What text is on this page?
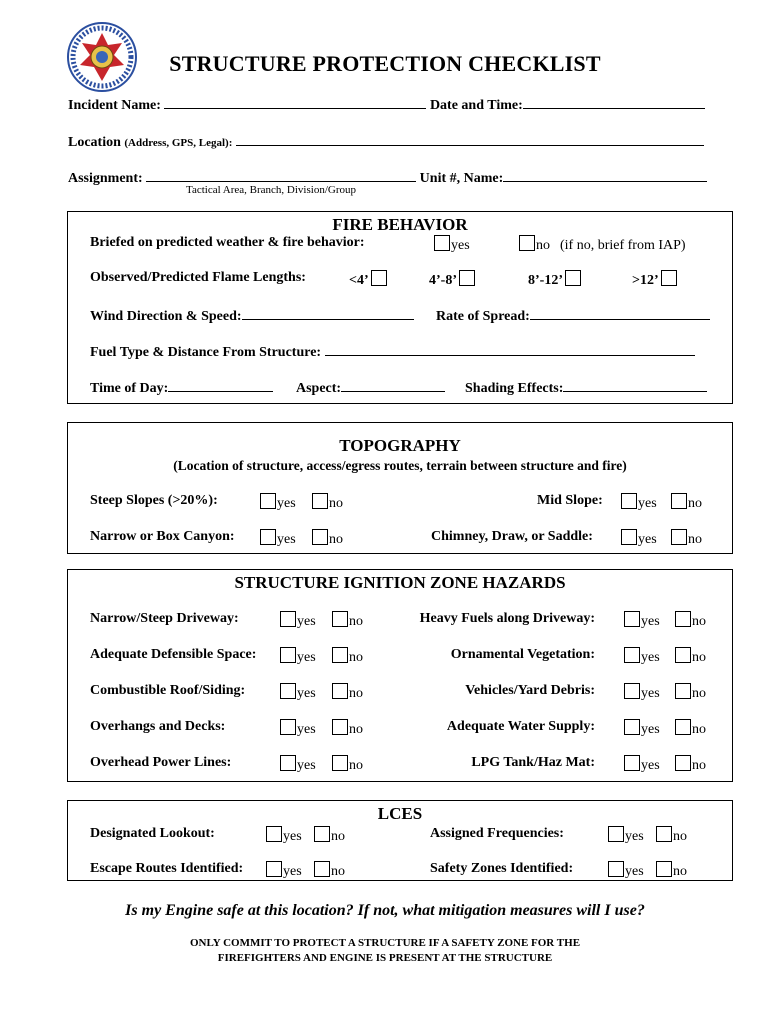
STRUCTURE PROTECTION CHECKLIST
Incident Name:	Date and Time:
Location (Address, GPS, Legal):
Assignment:	Unit #, Name:
Tactical Area, Branch, Division/Group
FIRE BEHAVIOR
Briefed on predicted weather & fire behavior:	yes	no (if no, brief from IAP)
Observed/Predicted Flame Lengths:	<4’	4’-8’	8’-12’	>12’
Wind Direction & Speed:	Rate of Spread:
Fuel Type & Distance From Structure:
Time of Day:	Aspect:	Shading Effects:
TOPOGRAPHY
(Location of structure, access/egress routes, terrain between structure and fire)
Steep Slopes (>20%):	yes	no	Mid Slope:	yes	no
Narrow or Box Canyon:	yes	no	Chimney, Draw, or Saddle:	yes	no
STRUCTURE IGNITION ZONE HAZARDS
Narrow/Steep Driveway:	yes	no	Heavy Fuels along Driveway:	yes	no
Adequate Defensible Space:	yes	no	Ornamental Vegetation:	yes	no
Combustible Roof/Siding:	yes	no	Vehicles/Yard Debris:	yes	no
Overhangs and Decks:	yes	no	Adequate Water Supply:	yes	no
Overhead Power Lines:	yes	no	LPG Tank/Haz Mat:	yes	no
LCES
Designated Lookout:	yes	no	Assigned Frequencies:	yes	no
Escape Routes Identified:	yes	no	Safety Zones Identified:	yes	no
Is my Engine safe at this location? If not, what mitigation measures will I use?
ONLY COMMIT TO PROTECT A STRUCTURE IF A SAFETY ZONE FOR THE
FIREFIGHTERS AND ENGINE IS PRESENT AT THE STRUCTURE
